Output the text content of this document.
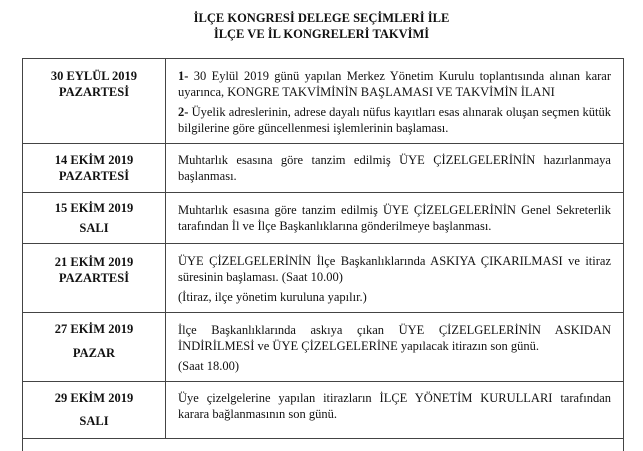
İLÇE KONGRESİ DELEGE SEÇİMLERİ İLE
İLÇE VE İL KONGRELERİ TAKVİMİ
30 EYLÜL 2019
PAZARTESİ

1- 30 Eylül 2019 günü yapılan Merkez Yönetim Kurulu toplantısında alınan karar uyarınca, KONGRE TAKVİMİNİN BAŞLAMASI VE TAKVİMİN İLANI

2- Üyelik adreslerinin, adrese dayalı nüfus kayıtları esas alınarak oluşan seçmen kütük bilgilerine göre güncellenmesi işlemlerinin başlaması.

14 EKİM 2019
PAZARTESİ

Muhtarlık esasına göre tanzim edilmiş ÜYE ÇİZELGELERİNİN hazırlanmaya başlanması.

15 EKİM 2019
SALI

Muhtarlık esasına göre tanzim edilmiş ÜYE ÇİZELGELERİNİN Genel Sekreterlik tarafından İl ve İlçe Başkanlıklarına gönderilmeye başlanması.

21 EKİM 2019
PAZARTESİ

ÜYE ÇİZELGELERİNİN İlçe Başkanlıklarında ASKIYA ÇIKARILMASI ve itiraz süresinin başlaması. (Saat 10.00)

(İtiraz, ilçe yönetim kuruluna yapılır.)

27 EKİM 2019
PAZAR

İlçe Başkanlıklarında askıya çıkan ÜYE ÇİZELGELERİNİN ASKIDAN İNDİRİLMESİ ve ÜYE ÇİZELGELERİNE yapılacak itirazın son günü.

(Saat 18.00)

29 EKİM 2019
SALI

Üye çizelgelerine yapılan itirazların İLÇE YÖNETİM KURULLARI tarafından karara bağlanmasının son günü.
